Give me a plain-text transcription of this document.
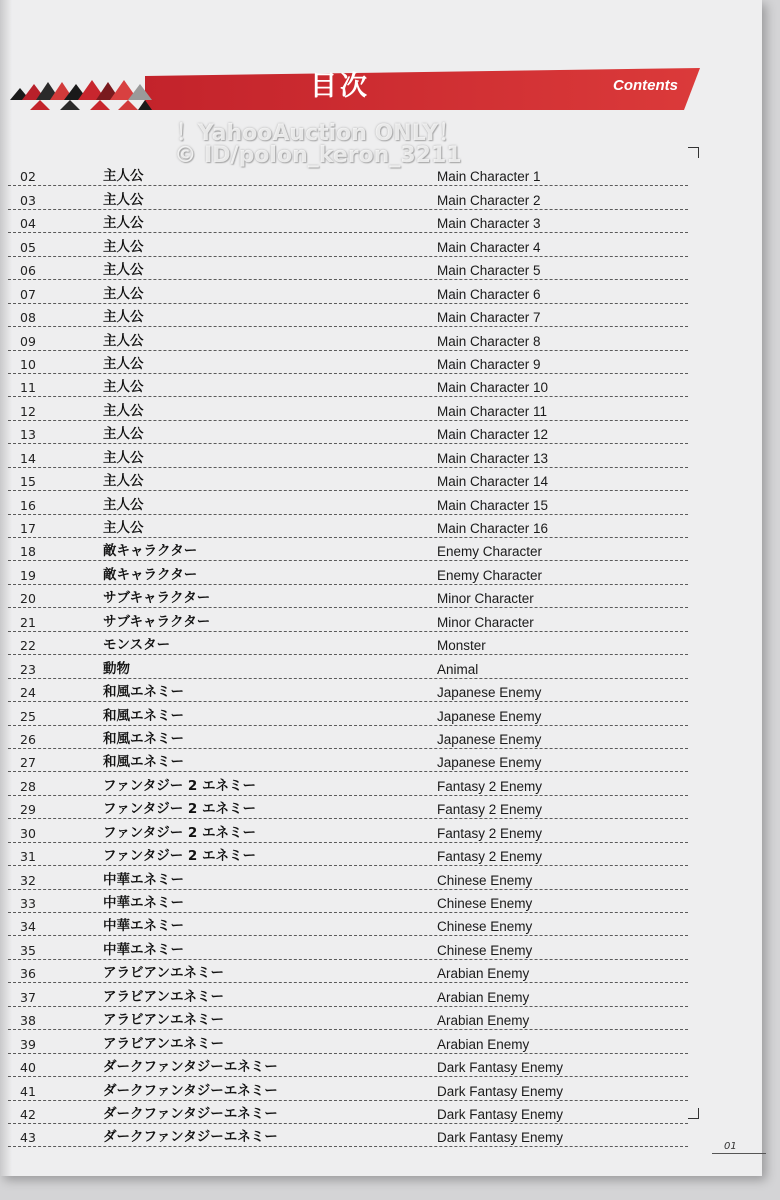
目次	Contents
！YahooAuction ONLY！
© ID/polon_keron_3211
02	主人公	Main Character 1
03	主人公	Main Character 2
04	主人公	Main Character 3
05	主人公	Main Character 4
06	主人公	Main Character 5
07	主人公	Main Character 6
08	主人公	Main Character 7
09	主人公	Main Character 8
10	主人公	Main Character 9
11	主人公	Main Character 10
12	主人公	Main Character 11
13	主人公	Main Character 12
14	主人公	Main Character 13
15	主人公	Main Character 14
16	主人公	Main Character 15
17	主人公	Main Character 16
18	敵キャラクター	Enemy Character
19	敵キャラクター	Enemy Character
20	サブキャラクター	Minor Character
21	サブキャラクター	Minor Character
22	モンスター	Monster
23	動物	Animal
24	和風エネミー	Japanese Enemy
25	和風エネミー	Japanese Enemy
26	和風エネミー	Japanese Enemy
27	和風エネミー	Japanese Enemy
28	ファンタジー 2 エネミー	Fantasy 2 Enemy
29	ファンタジー 2 エネミー	Fantasy 2 Enemy
30	ファンタジー 2 エネミー	Fantasy 2 Enemy
31	ファンタジー 2 エネミー	Fantasy 2 Enemy
32	中華エネミー	Chinese Enemy
33	中華エネミー	Chinese Enemy
34	中華エネミー	Chinese Enemy
35	中華エネミー	Chinese Enemy
36	アラビアンエネミー	Arabian Enemy
37	アラビアンエネミー	Arabian Enemy
38	アラビアンエネミー	Arabian Enemy
39	アラビアンエネミー	Arabian Enemy
40	ダークファンタジーエネミー	Dark Fantasy Enemy
41	ダークファンタジーエネミー	Dark Fantasy Enemy
42	ダークファンタジーエネミー	Dark Fantasy Enemy
43	ダークファンタジーエネミー	Dark Fantasy Enemy
01
